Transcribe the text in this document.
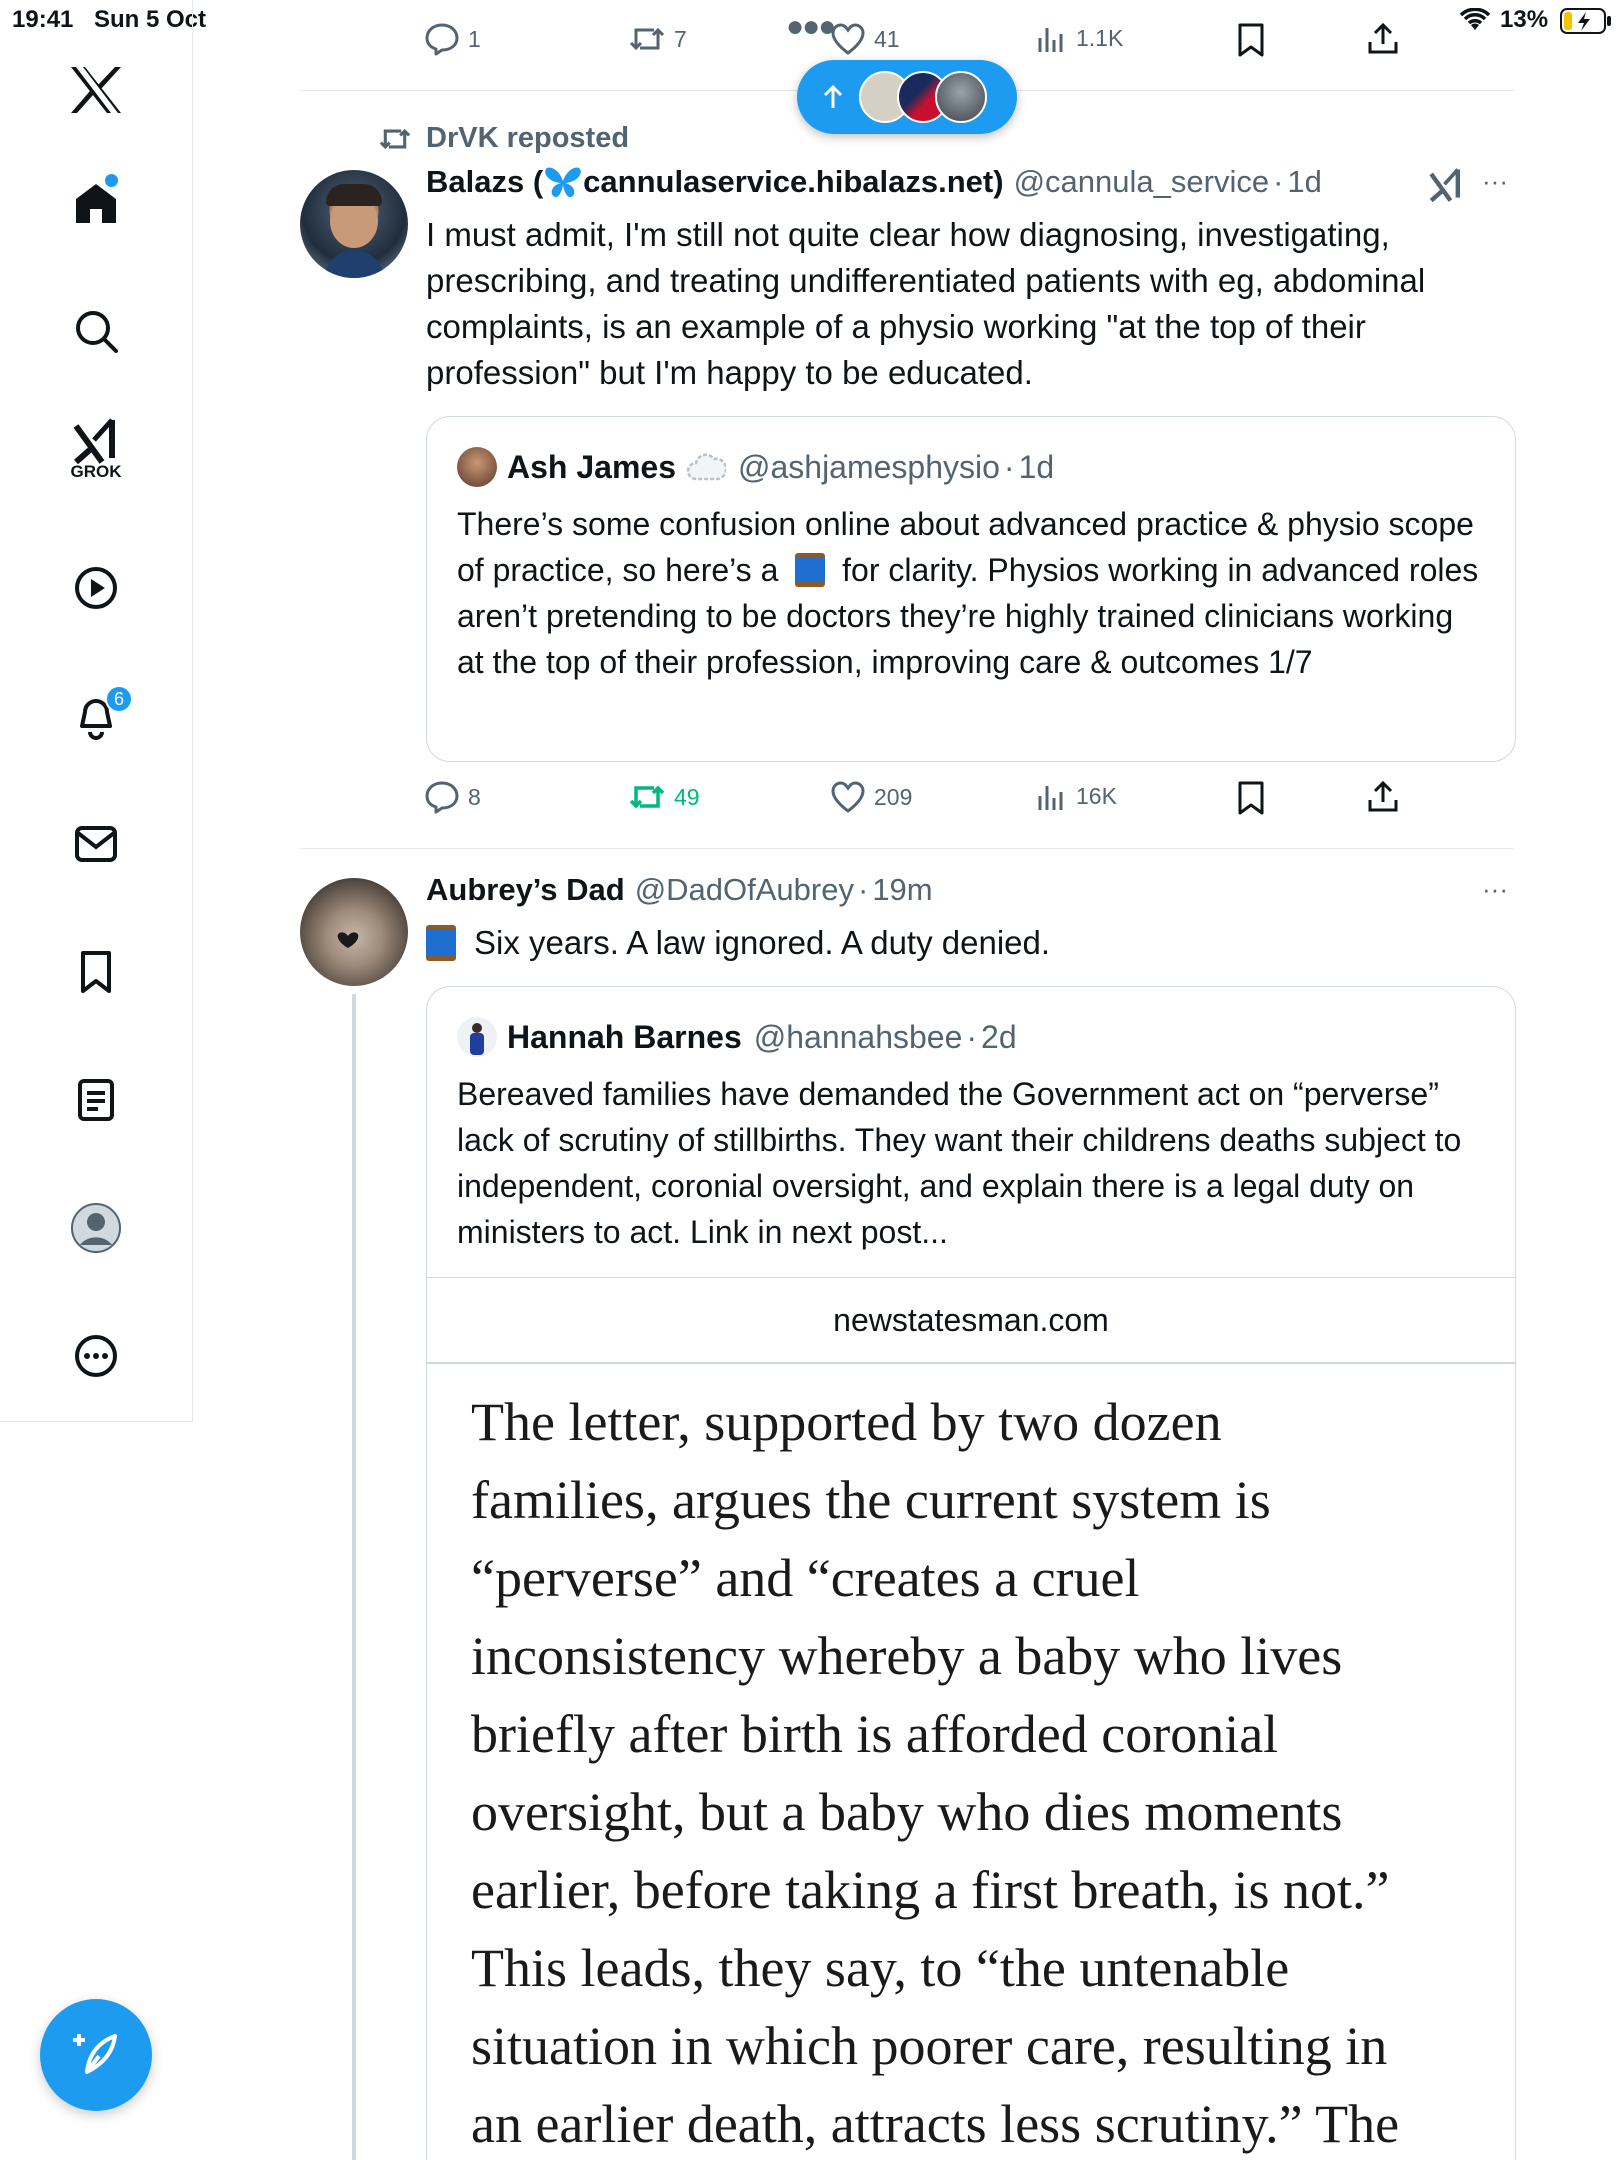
19:41 Sun 5 Oct	13%
GROK
6
1	7	41	1.1K
●●●
DrVK reposted
Balazs ( cannulaservice.hibalazs.net) @cannula_service · 1d	···
I must admit, I'm still not quite clear how diagnosing, investigating, prescribing, and treating undifferentiated patients with eg, abdominal complaints, is an example of a physio working "at the top of their profession" but I'm happy to be educated.
Ash James @ashjamesphysio · 1d
There’s some confusion online about advanced practice & physio scope of practice, so here’s a for clarity. Physios working in advanced roles aren’t pretending to be doctors they’re highly trained clinicians working at the top of their profession, improving care & outcomes 1/7
8	49	209	16K
Aubrey’s Dad @DadOfAubrey · 19m	···
Six years. A law ignored. A duty denied.
Hannah Barnes @hannahsbee · 2d
Bereaved families have demanded the Government act on “perverse” lack of scrutiny of stillbirths. They want their childrens deaths subject to independent, coronial oversight, and explain there is a legal duty on ministers to act. Link in next post...
newstatesman.com
The letter, supported by two dozen
families, argues the current system is
“perverse” and “creates a cruel
inconsistency whereby a baby who lives
briefly after birth is afforded coronial
oversight, but a baby who dies moments
earlier, before taking a first breath, is not.”
This leads, they say, to “the untenable
situation in which poorer care, resulting in
an earlier death, attracts less scrutiny.” The
